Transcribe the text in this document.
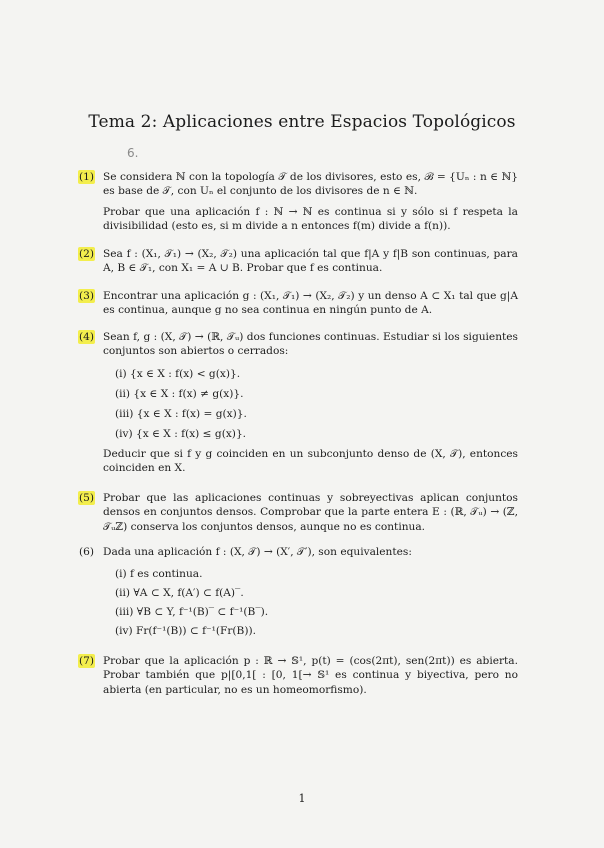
Tema 2: Aplicaciones entre Espacios Topológicos
6.
(1) Se considera ℕ con la topología 𝒯 de los divisores, esto es, ℬ = {Uₙ : n ∈ ℕ} es base de 𝒯, con Uₙ el conjunto de los divisores de n ∈ ℕ.

Probar que una aplicación f : ℕ → ℕ es continua si y sólo si f respeta la divisibilidad (esto es, si m divide a n entonces f(m) divide a f(n)).

(2) Sea f : (X₁, 𝒯₁) → (X₂, 𝒯₂) una aplicación tal que f|A y f|B son continuas, para A, B ∈ 𝒯₁, con X₁ = A ∪ B. Probar que f es continua.

(3) Encontrar una aplicación g : (X₁, 𝒯₁) → (X₂, 𝒯₂) y un denso A ⊂ X₁ tal que g|A es continua, aunque g no sea continua en ningún punto de A.

(4) Sean f, g : (X, 𝒯) → (ℝ, 𝒯ᵤ) dos funciones continuas. Estudiar si los siguientes conjuntos son abiertos o cerrados:

(i) {x ∈ X : f(x) < g(x)}.
(ii) {x ∈ X : f(x) ≠ g(x)}.
(iii) {x ∈ X : f(x) = g(x)}.
(iv) {x ∈ X : f(x) ≤ g(x)}.

Deducir que si f y g coinciden en un subconjunto denso de (X, 𝒯), entonces coinciden en X.

(5) Probar que las aplicaciones continuas y sobreyectivas aplican conjuntos densos en conjuntos densos. Comprobar que la parte entera E : (ℝ, 𝒯ᵤ) → (ℤ, 𝒯ᵤℤ) conserva los conjuntos densos, aunque no es continua.

(6) Dada una aplicación f : (X, 𝒯) → (X′, 𝒯′), son equivalentes:

(i) f es continua.
(ii) ∀A ⊂ X, f(A′) ⊂ f(A)‾.
(iii) ∀B ⊂ Y, f⁻¹(B)‾ ⊂ f⁻¹(B‾).
(iv) Fr(f⁻¹(B)) ⊂ f⁻¹(Fr(B)).
(7) Probar que la aplicación p : ℝ → 𝕊¹, p(t) = (cos(2πt), sen(2πt)) es abierta. Probar también que p|[0,1[ : [0, 1[→ 𝕊¹ es continua y biyectiva, pero no abierta (en particular, no es un homeomorfismo).

1
